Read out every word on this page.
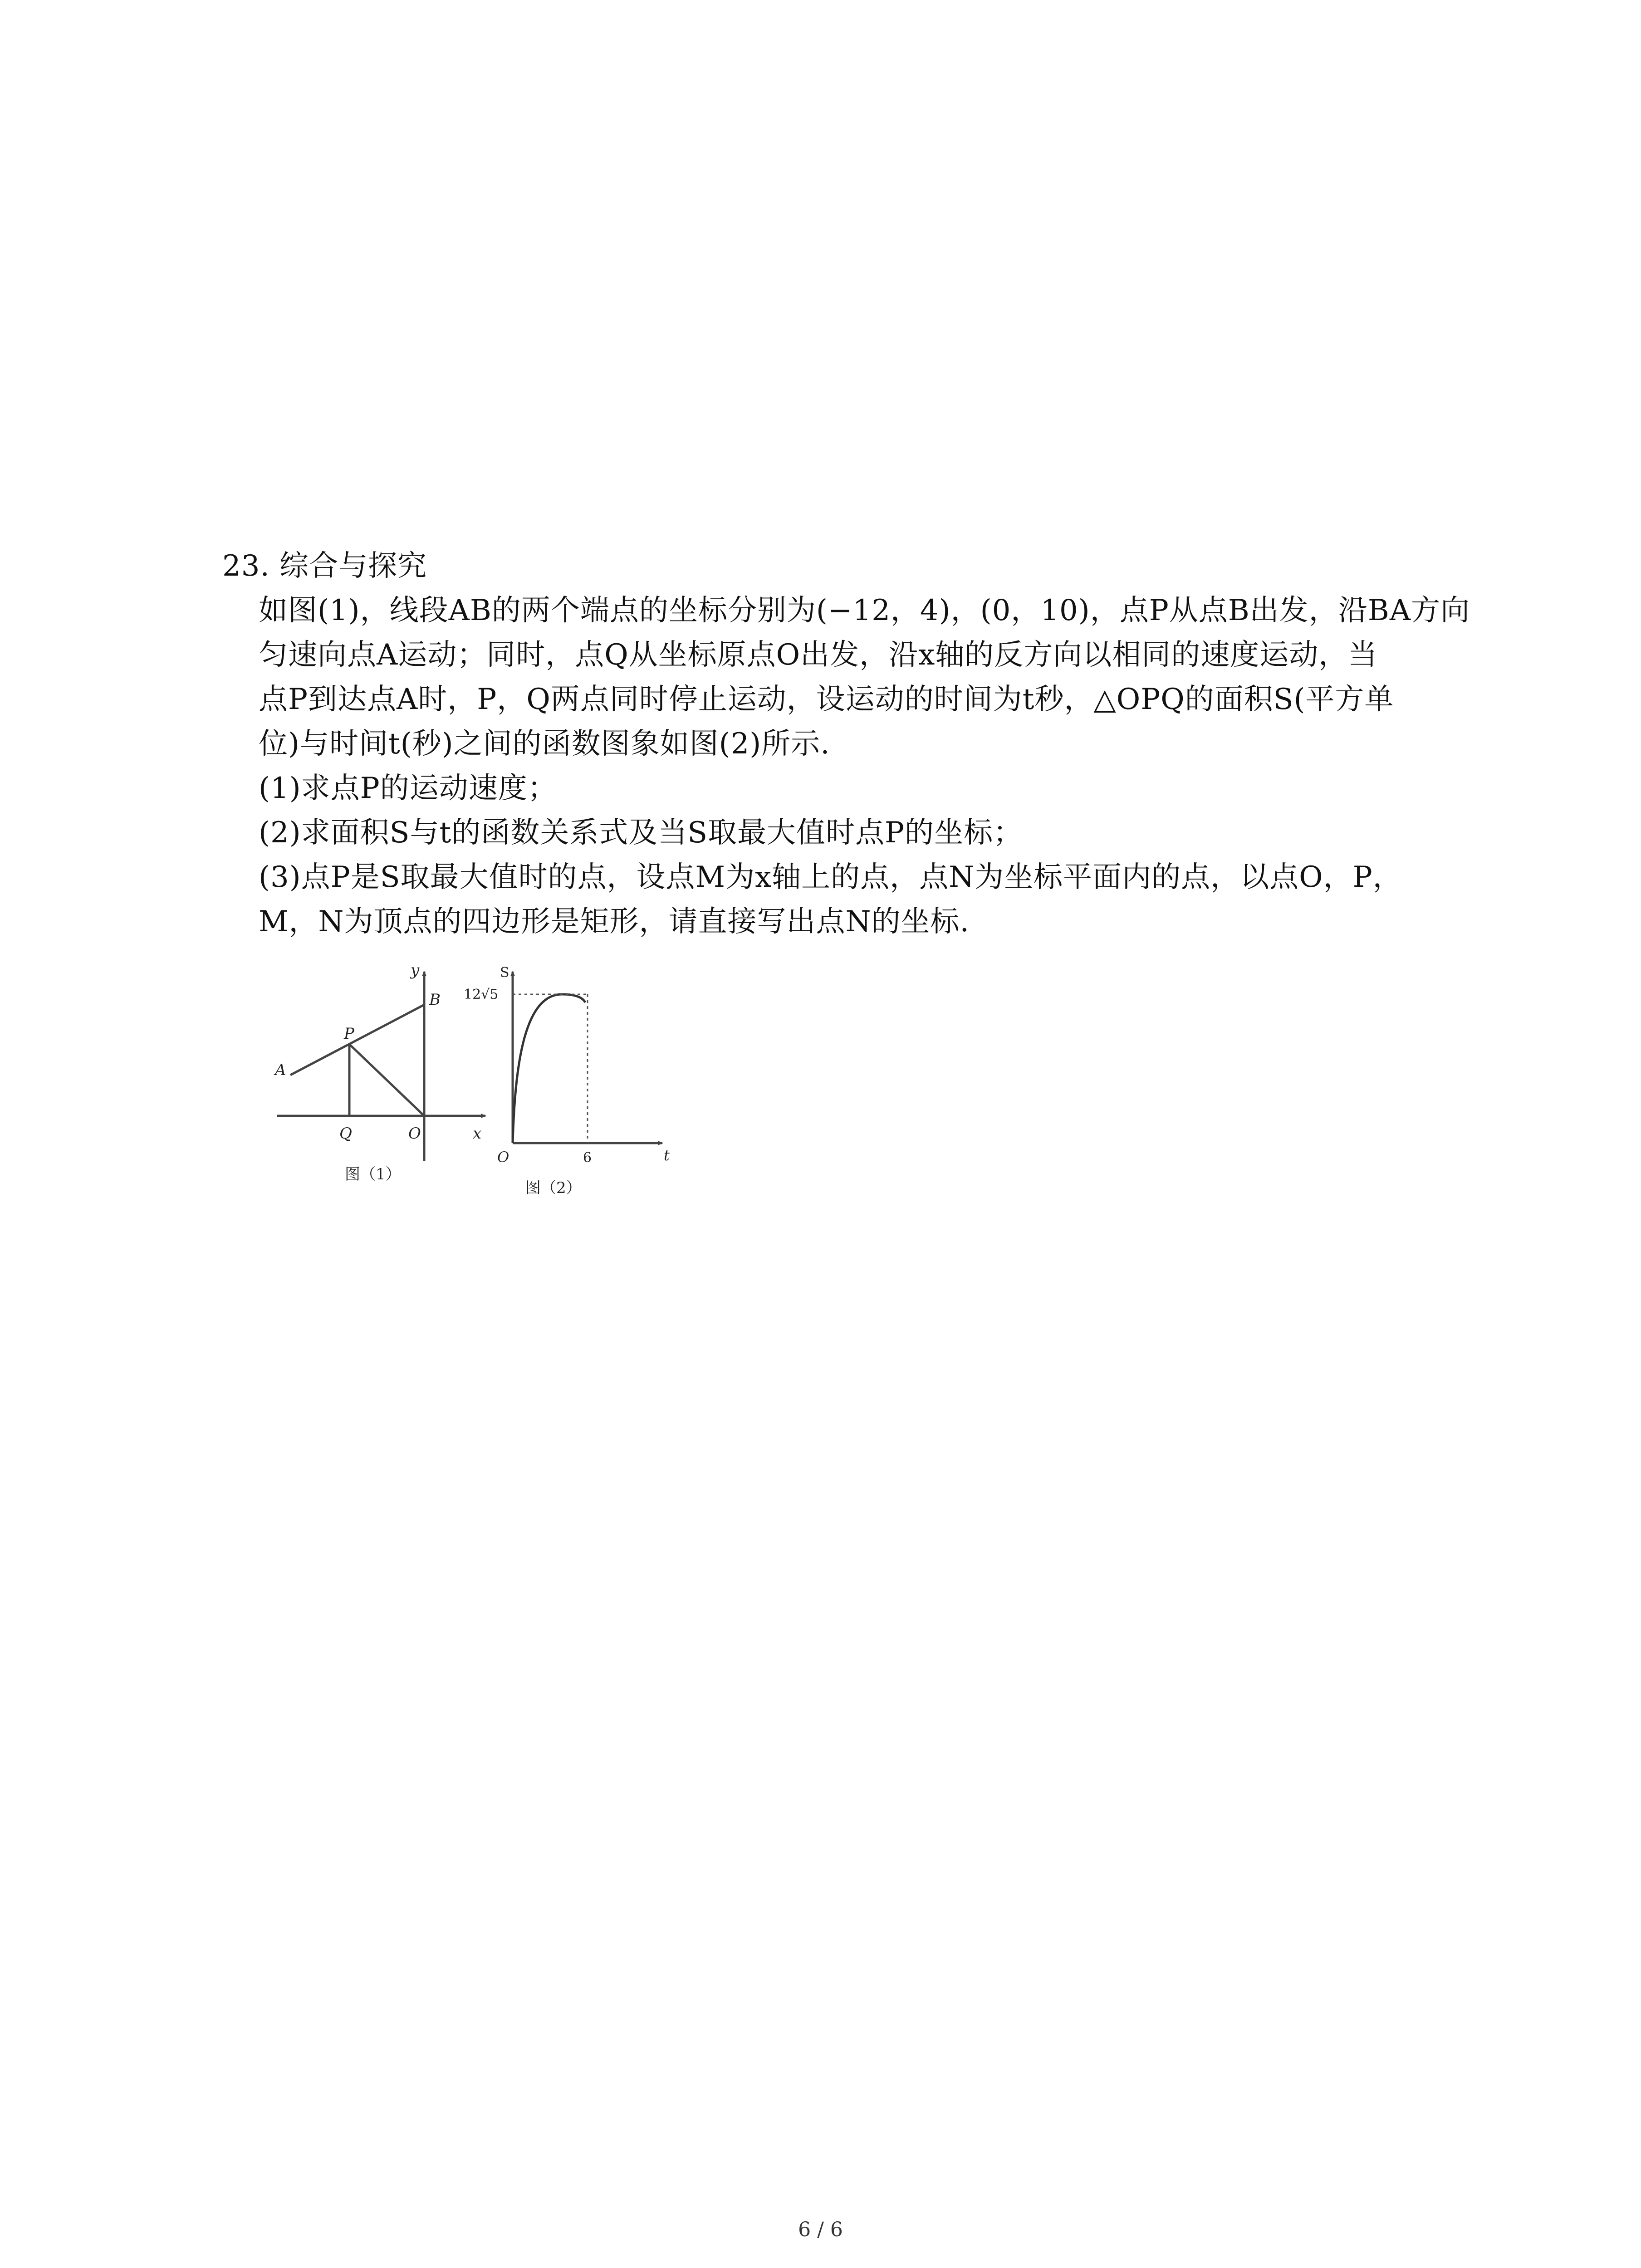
23. 综合与探究
如图(1)，线段AB的两个端点的坐标分别为(−12，4)，(0，10)，点P从点B出发，沿BA方向
匀速向点A运动；同时，点Q从坐标原点O出发，沿x轴的反方向以相同的速度运动，当
点P到达点A时，P，Q两点同时停止运动，设运动的时间为t秒，△OPQ的面积S(平方单
位)与时间t(秒)之间的函数图象如图(2)所示.
(1)求点P的运动速度；
(2)求面积S与t的函数关系式及当S取最大值时点P的坐标；
(3)点P是S取最大值时的点，设点M为x轴上的点，点N为坐标平面内的点，以点O，P，
M，N为顶点的四边形是矩形，请直接写出点N的坐标.
y
B
P
A
Q	O	x
图（1）
S
12√5
O	6	t
图（2）
6 / 6
